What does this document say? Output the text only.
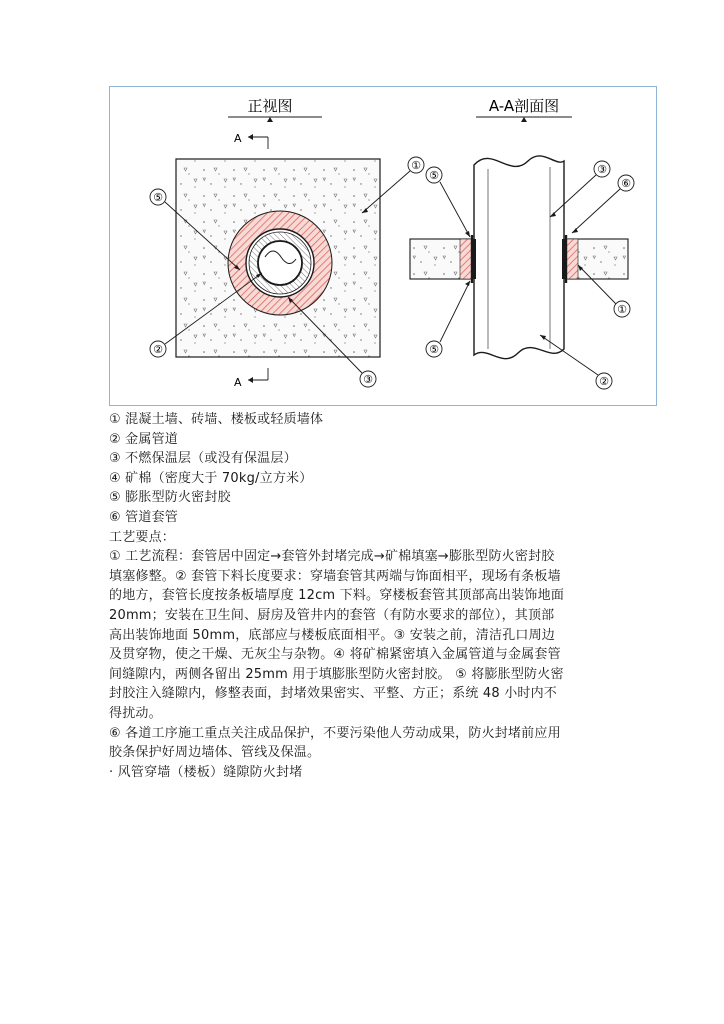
正视图
A
A
⑤
①
②
③
A-A剖面图
⑤
⑤
③
⑥
①
②

① 混凝土墙、砖墙、楼板或轻质墙体

② 金属管道

③ 不燃保温层（或没有保温层）

④ 矿棉（密度大于 70kg/立方米）

⑤ 膨胀型防火密封胶

⑥ 管道套管

工艺要点：

① 工艺流程：套管居中固定→套管外封堵完成→矿棉填塞→膨胀型防火密封胶

填塞修整。② 套管下料长度要求：穿墙套管其两端与饰面相平，现场有条板墙

的地方，套管长度按条板墙厚度 12cm 下料。穿楼板套管其顶部高出装饰地面

20mm；安装在卫生间、厨房及管井内的套管（有防水要求的部位），其顶部

高出装饰地面 50mm，底部应与楼板底面相平。③ 安装之前，清洁孔口周边

及贯穿物，使之干燥、无灰尘与杂物。④ 将矿棉紧密填入金属管道与金属套管

间缝隙内，两侧各留出 25mm 用于填膨胀型防火密封胶。 ⑤ 将膨胀型防火密

封胶注入缝隙内，修整表面，封堵效果密实、平整、方正；系统 48 小时内不

得扰动。

⑥ 各道工序施工重点关注成品保护，不要污染他人劳动成果，防火封堵前应用

胶条保护好周边墙体、管线及保温。

· 风管穿墙（楼板）缝隙防火封堵
